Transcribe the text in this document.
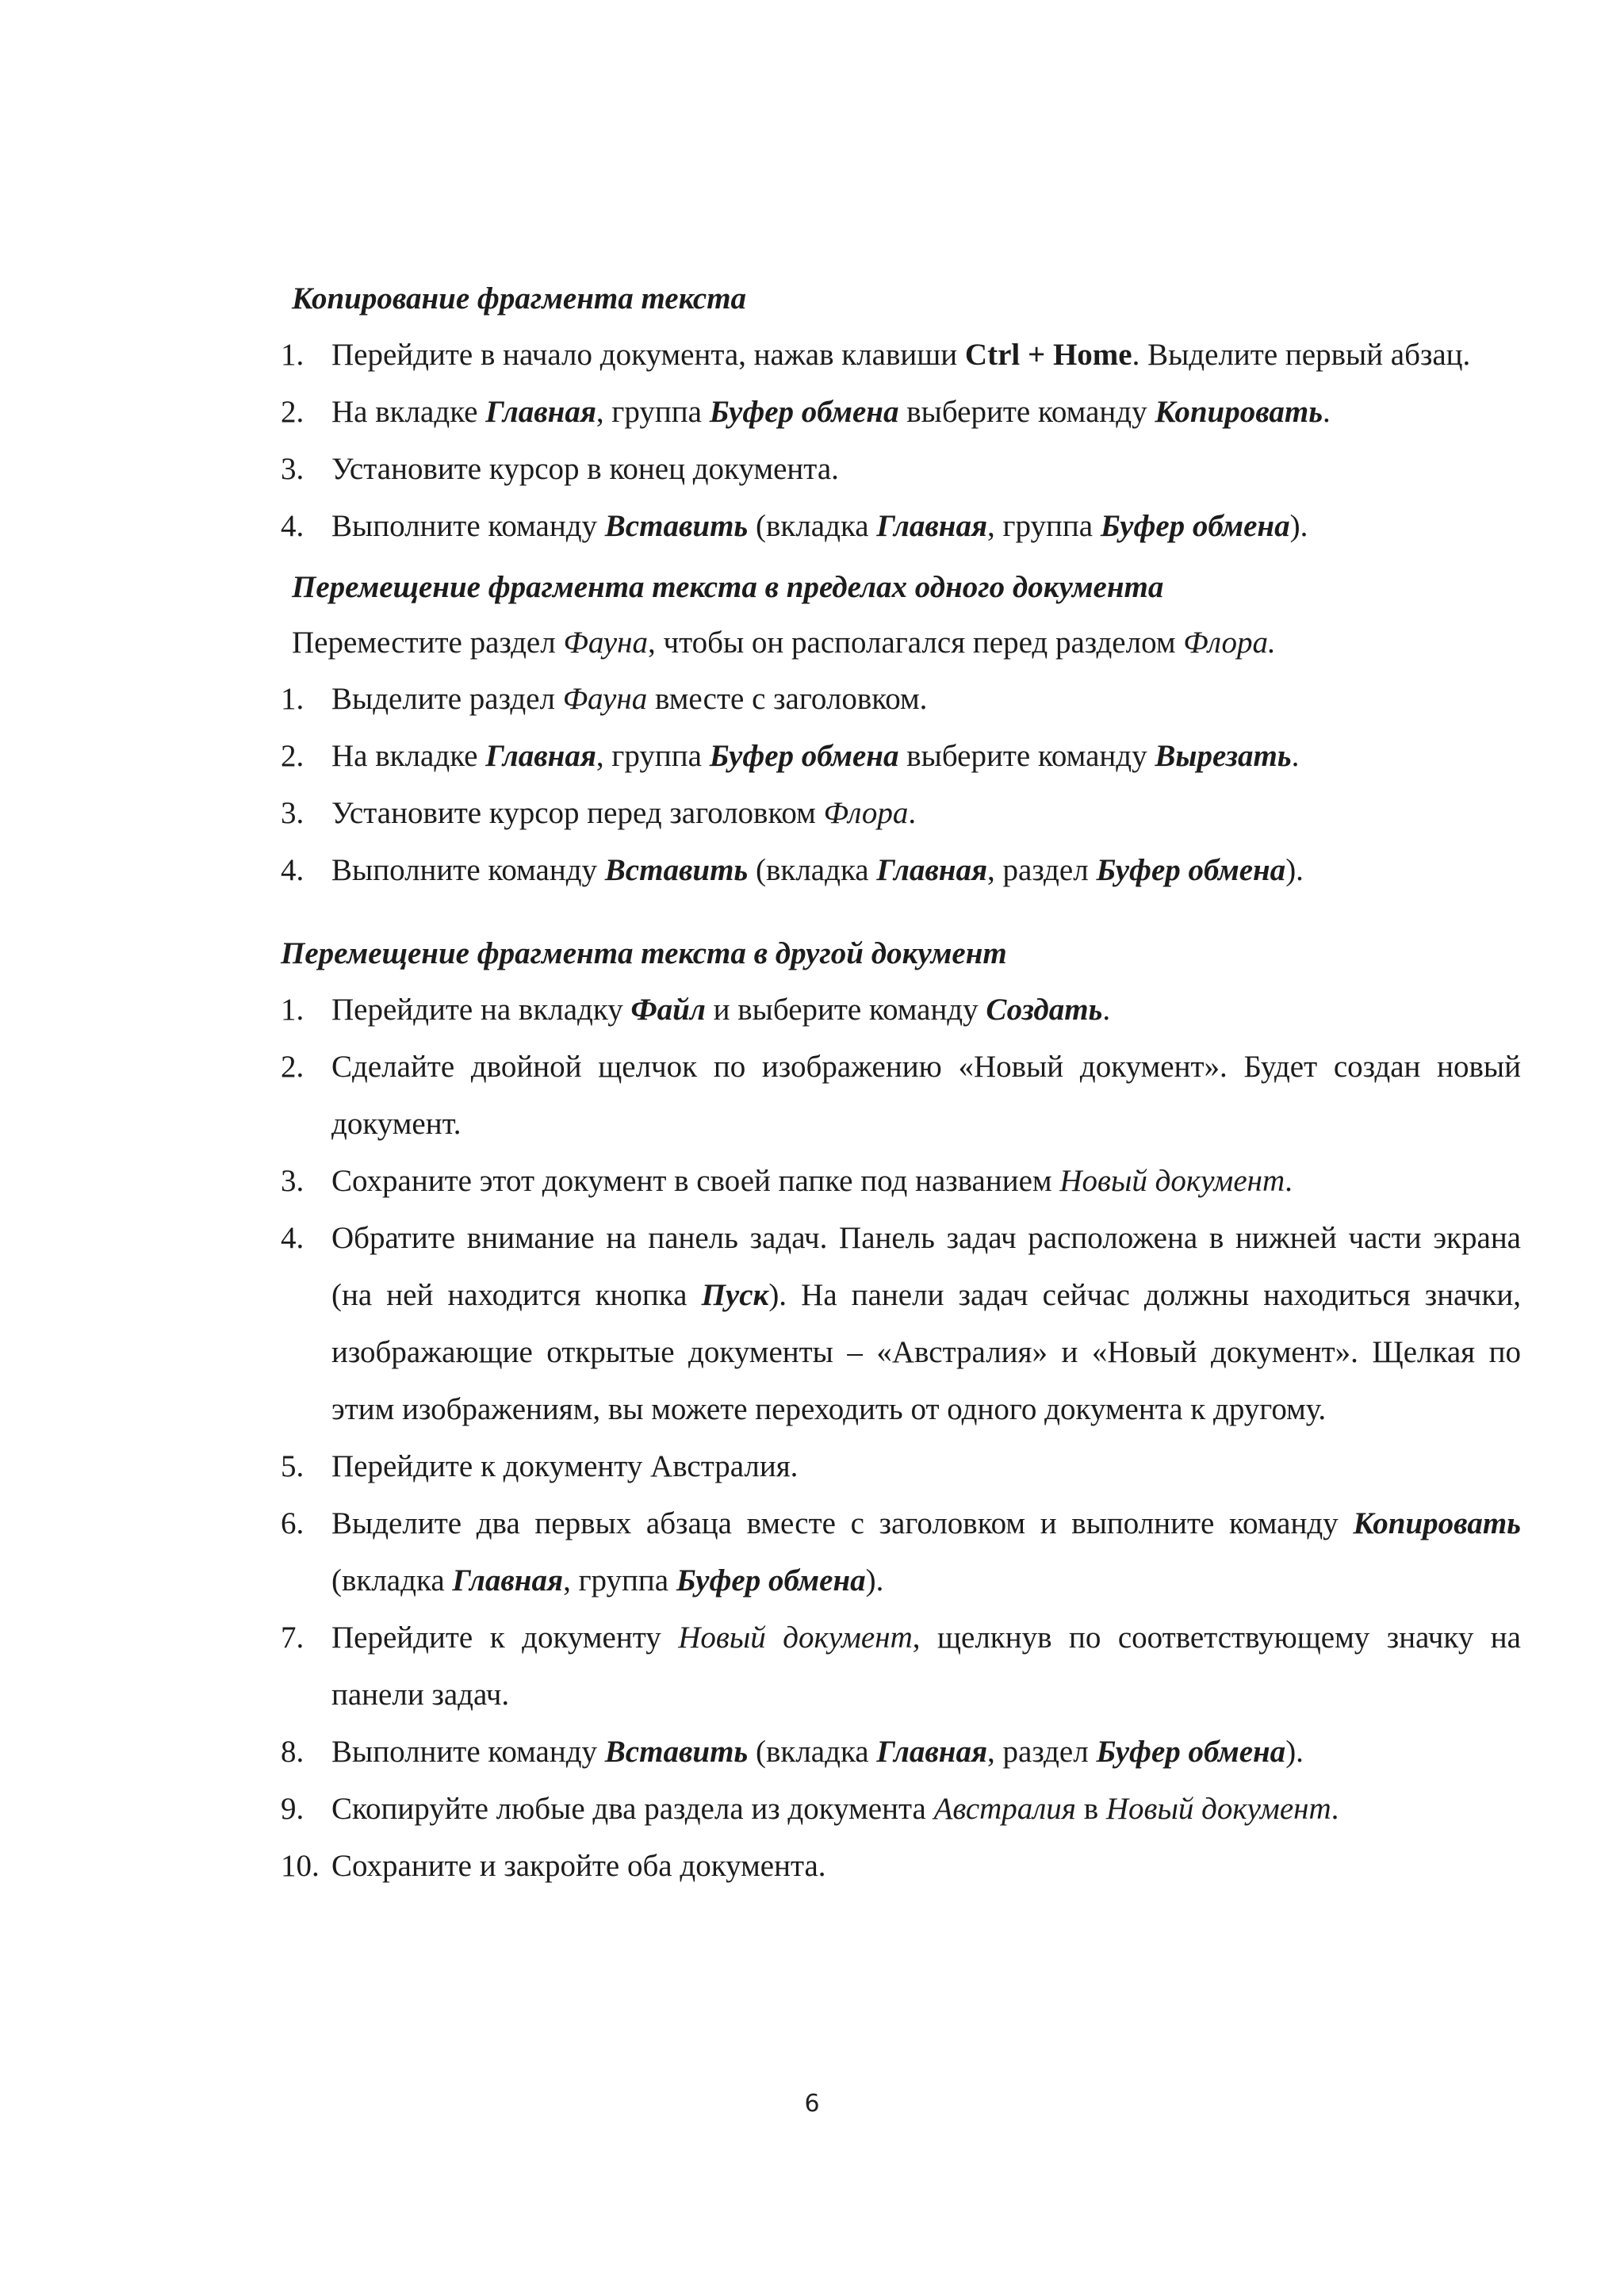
Копирование фрагмента текста

1. Перейдите в начало документа, нажав клавиши Ctrl + Home. Выделите первый абзац.
2. На вкладке Главная, группа Буфер обмена выберите команду Копировать.
3. Установите курсор в конец документа.
4. Выполните команду Вставить (вкладка Главная, группа Буфер обмена).

Перемещение фрагмента текста в пределах одного документа

Переместите раздел Фауна, чтобы он располагался перед разделом Флора.

1. Выделите раздел Фауна вместе с заголовком.
2. На вкладке Главная, группа Буфер обмена выберите команду Вырезать.
3. Установите курсор перед заголовком Флора.
4. Выполните команду Вставить (вкладка Главная, раздел Буфер обмена).

Перемещение фрагмента текста в другой документ

1. Перейдите на вкладку Файл и выберите команду Создать.
2. Сделайте двойной щелчок по изображению «Новый документ». Будет создан новый документ.
3. Сохраните этот документ в своей папке под названием Новый документ.
4. Обратите внимание на панель задач. Панель задач расположена в нижней части экрана (на ней находится кнопка Пуск). На панели задач сейчас должны находиться значки, изображающие открытые документы – «Австралия» и «Новый документ». Щелкая по этим изображениям, вы можете переходить от одного документа к другому.
5. Перейдите к документу Австралия.
6. Выделите два первых абзаца вместе с заголовком и выполните команду Копировать (вкладка Главная, группа Буфер обмена).
7. Перейдите к документу Новый документ, щелкнув по соответствующему значку на панели задач.
8. Выполните команду Вставить (вкладка Главная, раздел Буфер обмена).
9. Скопируйте любые два раздела из документа Австралия в Новый документ.
10. Сохраните и закройте оба документа.
6
